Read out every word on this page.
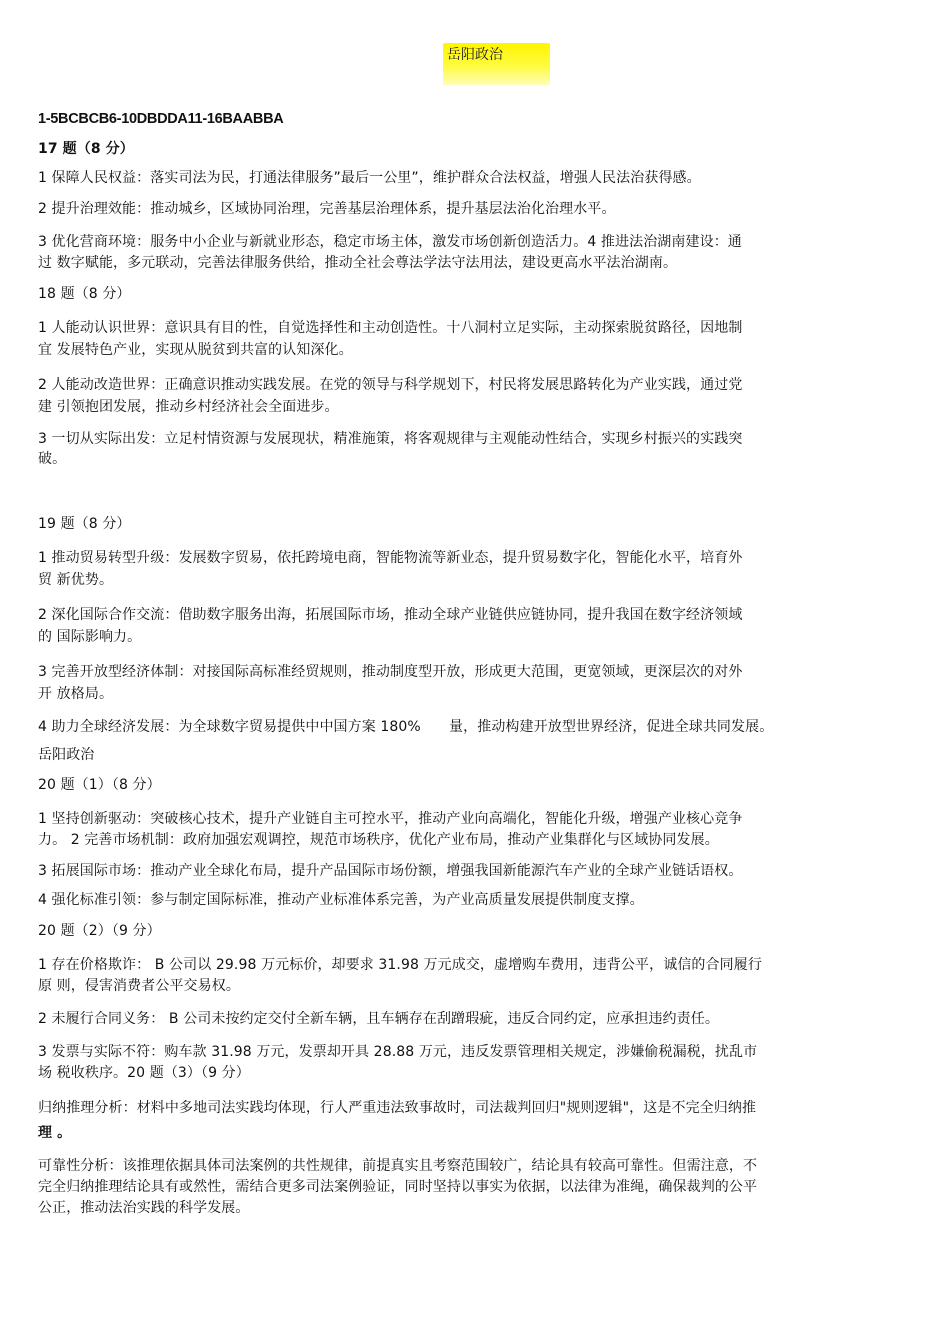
岳阳政治
1-5BCBCB6-10DBDDA11-16BAABBA
17 题（8 分）
1 保障人民权益：落实司法为民，打通法律服务”最后一公里”，维护群众合法权益，增强人民法治获得感。
2 提升治理效能：推动城乡，区域协同治理，完善基层治理体系，提升基层法治化治理水平。
3 优化营商环境：服务中小企业与新就业形态，稳定市场主体，激发市场创新创造活力。4 推进法治湖南建设：通
过 数字赋能，多元联动，完善法律服务供给，推动全社会尊法学法守法用法，建设更高水平法治湖南。
18 题（8 分）
1 人能动认识世界：意识具有目的性，自觉选择性和主动创造性。十八洞村立足实际，主动探索脱贫路径，因地制
宜 发展特色产业，实现从脱贫到共富的认知深化。
2 人能动改造世界：正确意识推动实践发展。在党的领导与科学规划下，村民将发展思路转化为产业实践，通过党
建 引领抱团发展，推动乡村经济社会全面进步。
3 一切从实际出发：立足村情资源与发展现状，精准施策，将客观规律与主观能动性结合，实现乡村振兴的实践突
破。
19 题（8 分）
1 推动贸易转型升级：发展数字贸易，依托跨境电商，智能物流等新业态，提升贸易数字化，智能化水平，培育外
贸 新优势。
2 深化国际合作交流：借助数字服务出海，拓展国际市场，推动全球产业链供应链协同，提升我国在数字经济领域
的 国际影响力。
3 完善开放型经济体制：对接国际高标准经贸规则，推动制度型开放，形成更大范围，更宽领域，更深层次的对外
开 放格局。
4 助力全球经济发展：为全球数字贸易提供中中国方案 180%　　量，推动构建开放型世界经济，促进全球共同发展。
岳阳政治
20 题（1）（8 分）
1 坚持创新驱动：突破核心技术，提升产业链自主可控水平，推动产业向高端化，智能化升级，增强产业核心竞争
力。 2 完善市场机制：政府加强宏观调控，规范市场秩序，优化产业布局，推动产业集群化与区域协同发展。
3 拓展国际市场：推动产业全球化布局，提升产品国际市场份额，增强我国新能源汽车产业的全球产业链话语权。
4 强化标准引领：参与制定国际标准，推动产业标准体系完善，为产业高质量发展提供制度支撑。
20 题（2）（9 分）
1 存在价格欺诈： B 公司以 29.98 万元标价，却要求 31.98 万元成交，虚增购车费用，违背公平，诚信的合同履行
原 则，侵害消费者公平交易权。
2 未履行合同义务： B 公司未按约定交付全新车辆，且车辆存在刮蹭瑕疵，违反合同约定，应承担违约责任。
3 发票与实际不符：购车款 31.98 万元，发票却开具 28.88 万元，违反发票管理相关规定，涉嫌偷税漏税，扰乱市
场 税收秩序。20 题（3）（9 分）
归纳推理分析：材料中多地司法实践均体现，行人严重违法致事故时，司法裁判回归"规则逻辑"，这是不完全归纳推
理 。
可靠性分析：该推理依据具体司法案例的共性规律，前提真实且考察范围较广，结论具有较高可靠性。但需注意，不
完全归纳推理结论具有或然性，需结合更多司法案例验证，同时坚持以事实为依据，以法律为准绳，确保裁判的公平
公正，推动法治实践的科学发展。
